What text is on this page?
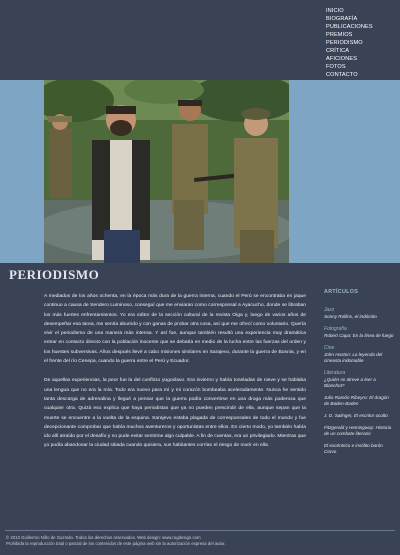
INICIO
BIOGRAFÍA
PUBLICACIONES
PREMIOS
PERIODISMO
CRÍTICA
AFICIONES
FOTOS
CONTACTO
PERIODISMO

A mediados de los años ochenta, en la época más dura de la guerra interna, cuando el Perú se encontraba en jaque continuo a causa de Sendero Luminoso, conseguí que me enviaran como corresponsal a Ayacucho, donde se libraban los más fuertes enfrentamientos. Yo era editor de la sección cultural de la revista Oiga y, luego de varios años de desempeñar esa tarea, me sentía aburrido y con ganas de probar otra cosa, así que me ofrecí como voluntario. Quería vivir el periodismo de una manera más intensa. Y así fue, aunque también resultó una experiencia muy dramática entrar en contacto directo con la población inocente que se debatía en medio de la lucha entre las fuerzas del orden y los huestes subversivas. Años después llevé a cabo misiones similares en Sarajevo, durante la guerra de Bosnia, y en el frente del río Cenepa, cuando la guerra entre el Perú y Ecuador.

De aquellas experiencias, la peor fue la del conflicto yugoslavo. Era invierno y había toneladas de nieve y se hablaba una lengua que no era la mía. Todo era nuevo para mí y mi corazón bombeaba aceleradamente. Nunca he sentido tanta descarga de adrenalina y llegué a pensar que la guerra podía convertirse en una droga más poderosa que cualquier otra. Quizá eso explica que haya periodistas que ya no pueden prescindir de ella, aunque sepan que la muerte se encuentre a la vuelta de la esquina. Sarajevo estaba plagada de corresponsales de todo el mundo y fue decepcionante comprobar que había muchos aventureros y oportunistas entre ellos. En cierto modo, yo también había ido allí atraído por el desafío y no pude evitar sentirme algo culpable. A fin de cuentas, era un privilegiado. Mientras que yo podía abandonar la ciudad sitiada cuando quisiera, sus habitantes corrían el riesgo de morir en ella.

ARTÍCULOS
Jazz
Sonny Rollins, el indómito
Fotografía
Robert Capa: En la línea de fuego
Cine
John Huston: La leyenda del cineasta indomable
Literatura
¿Quién se atreve a leer a Blanchot?
Julio Ramón Ribeyro: El dragón de Baden-Baden
J. D. Salinger, El escritor oculto
Fitzgerald y Hemingway: Historia de un combate literario
El excéntrico e insólito barón Corvo

© 2013 Guillermo Niño de Guzmán. Todos los derechos reservados. Web design: www.rogdesign.com

Prohibida la reproducción total o parcial de los contenidos de este página web sin la autorización expresa del autor.
